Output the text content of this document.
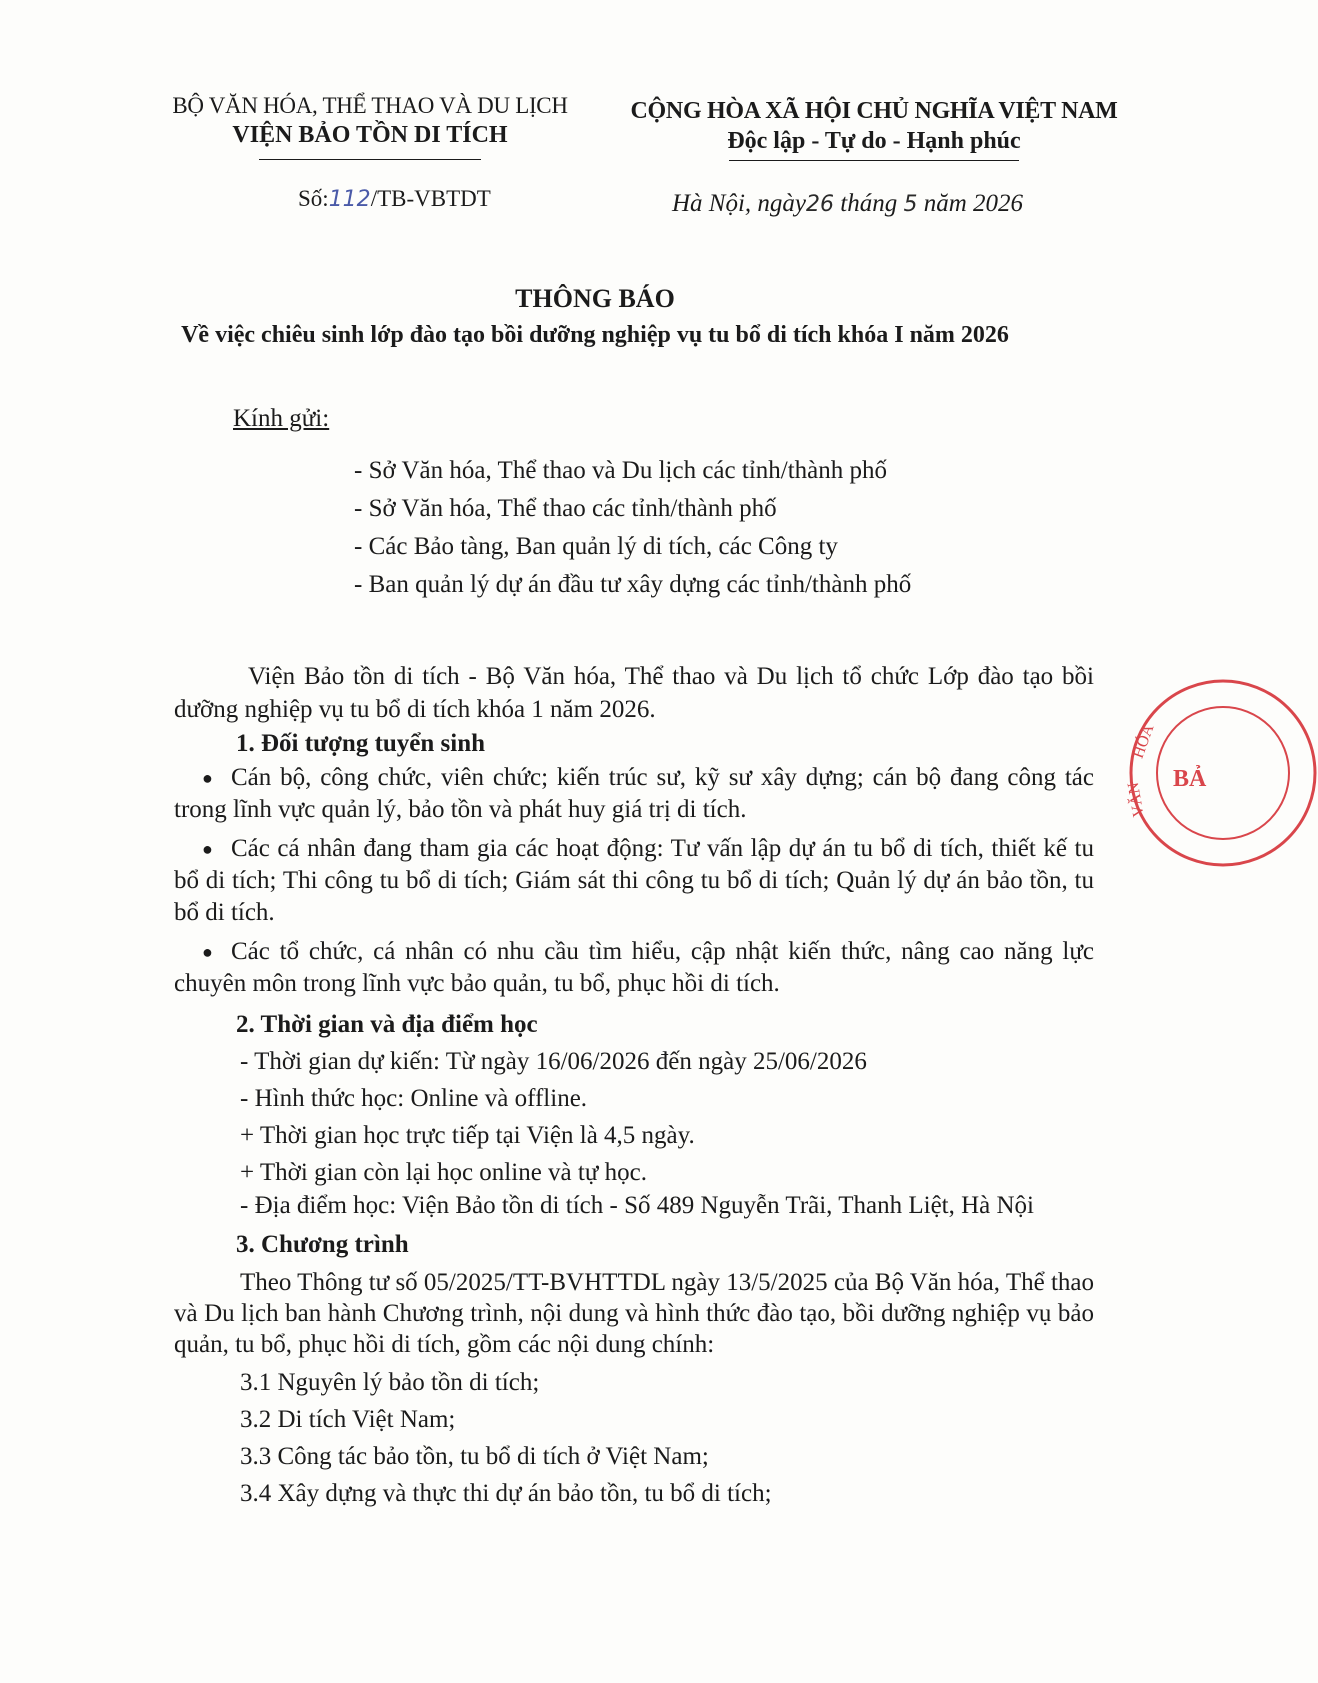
BỘ VĂN HÓA, THỂ THAO VÀ DU LỊCH
VIỆN BẢO TỒN DI TÍCH
Số:112/TB-VBTDT
CỘNG HÒA XÃ HỘI CHỦ NGHĨA VIỆT NAM
Độc lập - Tự do - Hạnh phúc
Hà Nội, ngày26 tháng 5 năm 2026
THÔNG BÁO
Về việc chiêu sinh lớp đào tạo bồi dưỡng nghiệp vụ tu bổ di tích khóa I năm 2026
Kính gửi:
- Sở Văn hóa, Thể thao và Du lịch các tỉnh/thành phố
- Sở Văn hóa, Thể thao các tỉnh/thành phố
- Các Bảo tàng, Ban quản lý di tích, các Công ty
- Ban quản lý dự án đầu tư xây dựng các tỉnh/thành phố

Viện Bảo tồn di tích - Bộ Văn hóa, Thể thao và Du lịch tổ chức Lớp đào tạo bồi dưỡng nghiệp vụ tu bổ di tích khóa 1 năm 2026.

1. Đối tượng tuyển sinh

● Cán bộ, công chức, viên chức; kiến trúc sư, kỹ sư xây dựng; cán bộ đang công tác trong lĩnh vực quản lý, bảo tồn và phát huy giá trị di tích.
● Các cá nhân đang tham gia các hoạt động: Tư vấn lập dự án tu bổ di tích, thiết kế tu bổ di tích; Thi công tu bổ di tích; Giám sát thi công tu bổ di tích; Quản lý dự án bảo tồn, tu bổ di tích.
● Các tổ chức, cá nhân có nhu cầu tìm hiểu, cập nhật kiến thức, nâng cao năng lực chuyên môn trong lĩnh vực bảo quản, tu bổ, phục hồi di tích.

2. Thời gian và địa điểm học

- Thời gian dự kiến: Từ ngày 16/06/2026 đến ngày 25/06/2026

- Hình thức học: Online và offline.

+ Thời gian học trực tiếp tại Viện là 4,5 ngày.

+ Thời gian còn lại học online và tự học.

- Địa điểm học: Viện Bảo tồn di tích - Số 489 Nguyễn Trãi, Thanh Liệt, Hà Nội

3. Chương trình

Theo Thông tư số 05/2025/TT-BVHTTDL ngày 13/5/2025 của Bộ Văn hóa, Thể thao và Du lịch ban hành Chương trình, nội dung và hình thức đào tạo, bồi dưỡng nghiệp vụ bảo quản, tu bổ, phục hồi di tích, gồm các nội dung chính:

3.1 Nguyên lý bảo tồn di tích;

3.2 Di tích Việt Nam;

3.3 Công tác bảo tồn, tu bổ di tích ở Việt Nam;

3.4 Xây dựng và thực thi dự án bảo tồn, tu bổ di tích;

BẢ
HÓA
VĂN
